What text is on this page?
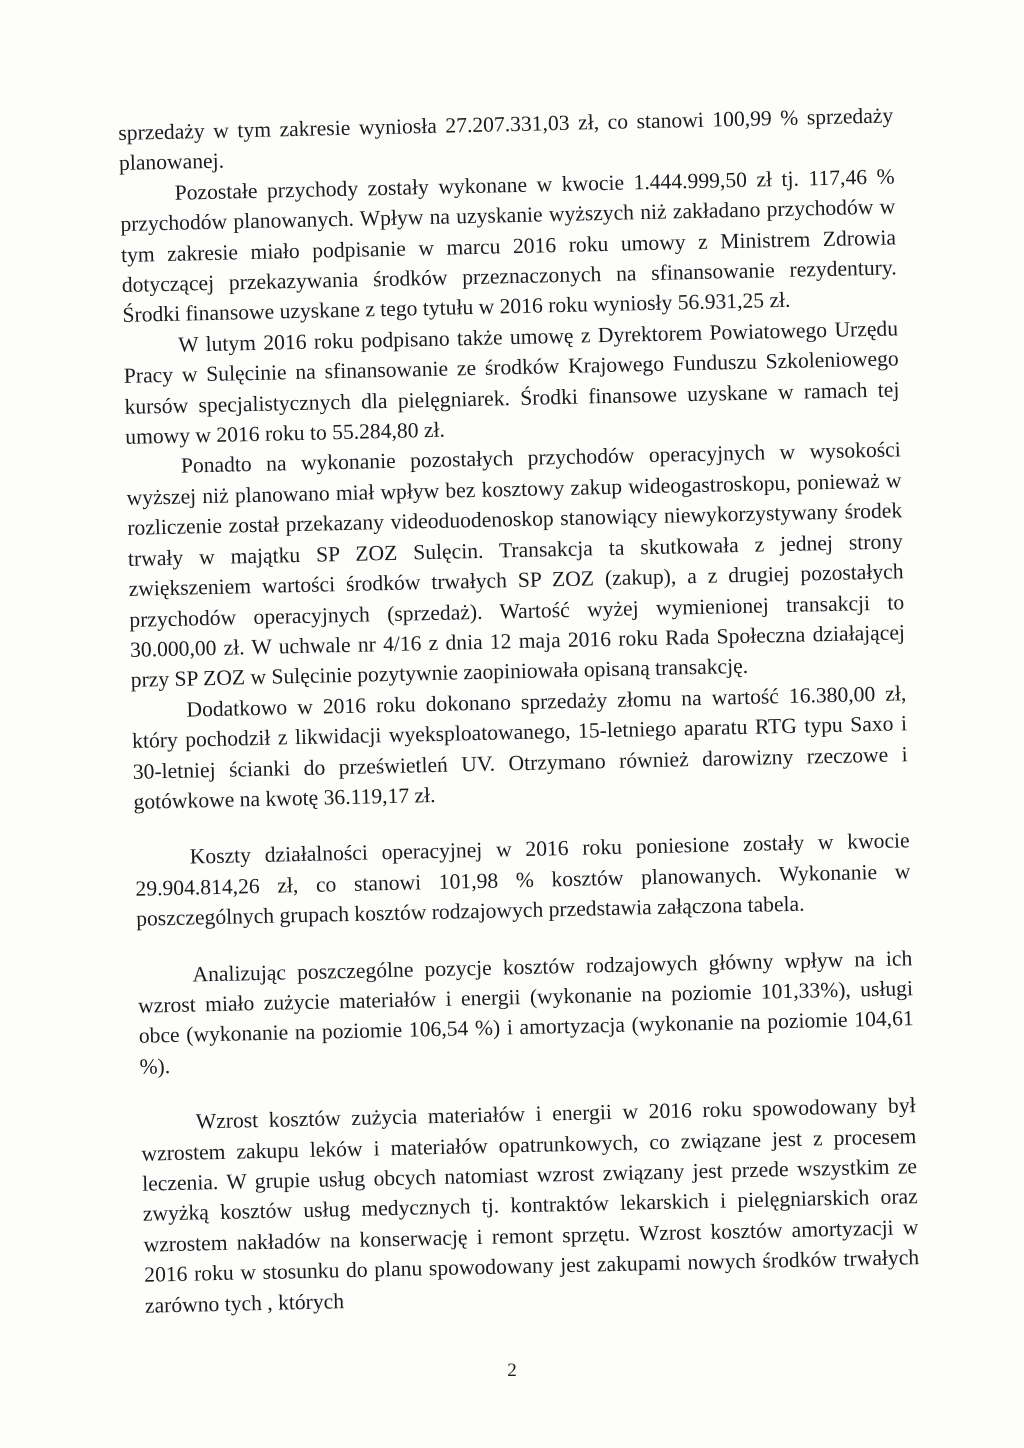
sprzedaży w tym zakresie wyniosła 27.207.331,03 zł, co stanowi 100,99 % sprzedaży planowanej.

Pozostałe przychody zostały wykonane w kwocie 1.444.999,50 zł tj. 117,46 % przychodów planowanych. Wpływ na uzyskanie wyższych niż zakładano przychodów w tym zakresie miało podpisanie w marcu 2016 roku umowy z Ministrem Zdrowia dotyczącej przekazywania środków przeznaczonych na sfinansowanie rezydentury. Środki finansowe uzyskane z tego tytułu w 2016 roku wyniosły 56.931,25 zł.

W lutym 2016 roku podpisano także umowę z Dyrektorem Powiatowego Urzędu Pracy w Sulęcinie na sfinansowanie ze środków Krajowego Funduszu Szkoleniowego kursów specjalistycznych dla pielęgniarek. Środki finansowe uzyskane w ramach tej umowy w 2016 roku to 55.284,80 zł.

Ponadto na wykonanie pozostałych przychodów operacyjnych w wysokości wyższej niż planowano miał wpływ bez kosztowy zakup wideogastroskopu, ponieważ w rozliczenie został przekazany videoduodenoskop stanowiący niewykorzystywany środek trwały w majątku SP ZOZ Sulęcin. Transakcja ta skutkowała z jednej strony zwiększeniem wartości środków trwałych SP ZOZ (zakup), a z drugiej pozostałych przychodów operacyjnych (sprzedaż). Wartość wyżej wymienionej transakcji to 30.000,00 zł. W uchwale nr 4/16 z dnia 12 maja 2016 roku Rada Społeczna działającej przy SP ZOZ w Sulęcinie pozytywnie zaopiniowała opisaną transakcję.

Dodatkowo w 2016 roku dokonano sprzedaży złomu na wartość 16.380,00 zł, który pochodził z likwidacji wyeksploatowanego, 15-letniego aparatu RTG typu Saxo i 30-letniej ścianki do prześwietleń UV. Otrzymano również darowizny rzeczowe i gotówkowe na kwotę 36.119,17 zł.

Koszty działalności operacyjnej w 2016 roku poniesione zostały w kwocie 29.904.814,26 zł, co stanowi 101,98 % kosztów planowanych. Wykonanie w poszczególnych grupach kosztów rodzajowych przedstawia załączona tabela.

Analizując poszczególne pozycje kosztów rodzajowych główny wpływ na ich wzrost miało zużycie materiałów i energii (wykonanie na poziomie 101,33%), usługi obce (wykonanie na poziomie 106,54 %) i amortyzacja (wykonanie na poziomie 104,61 %).

Wzrost kosztów zużycia materiałów i energii w 2016 roku spowodowany był wzrostem zakupu leków i materiałów opatrunkowych, co związane jest z procesem leczenia. W grupie usług obcych natomiast wzrost związany jest przede wszystkim ze zwyżką kosztów usług medycznych tj. kontraktów lekarskich i pielęgniarskich oraz wzrostem nakładów na konserwację i remont sprzętu. Wzrost kosztów amortyzacji w 2016 roku w stosunku do planu spowodowany jest zakupami nowych środków trwałych zarówno tych , których

2
